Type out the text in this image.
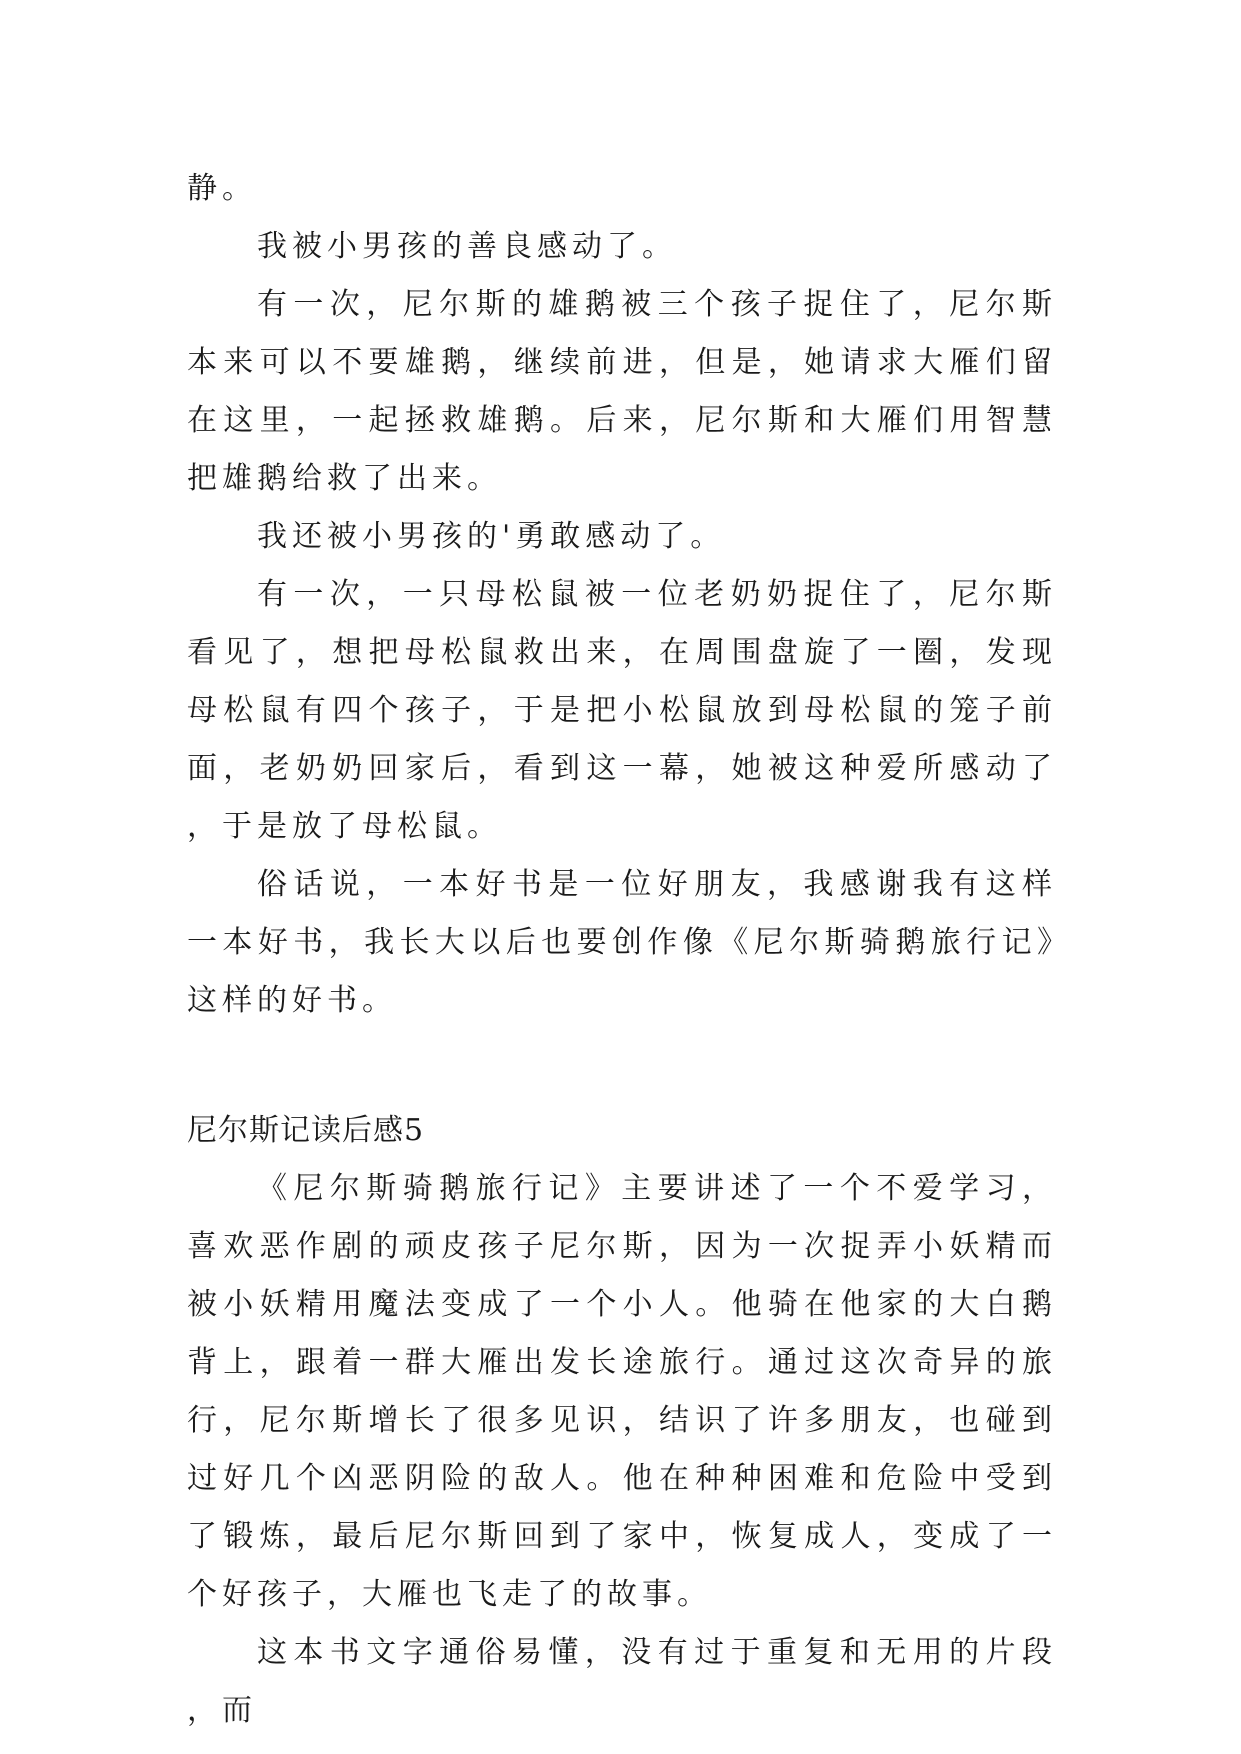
静。

我被小男孩的善良感动了。

有一次，尼尔斯的雄鹅被三个孩子捉住了，尼尔斯本来可以不要雄鹅，继续前进，但是，她请求大雁们留在这里，一起拯救雄鹅。后来，尼尔斯和大雁们用智慧把雄鹅给救了出来。

我还被小男孩的'勇敢感动了。

有一次，一只母松鼠被一位老奶奶捉住了，尼尔斯看见了，想把母松鼠救出来，在周围盘旋了一圈，发现母松鼠有四个孩子，于是把小松鼠放到母松鼠的笼子前面，老奶奶回家后，看到这一幕，她被这种爱所感动了，于是放了母松鼠。

俗话说，一本好书是一位好朋友，我感谢我有这样一本好书，我长大以后也要创作像《尼尔斯骑鹅旅行记》这样的好书。

尼尔斯记读后感5

《尼尔斯骑鹅旅行记》主要讲述了一个不爱学习，喜欢恶作剧的顽皮孩子尼尔斯，因为一次捉弄小妖精而被小妖精用魔法变成了一个小人。他骑在他家的大白鹅背上，跟着一群大雁出发长途旅行。通过这次奇异的旅行，尼尔斯增长了很多见识，结识了许多朋友，也碰到过好几个凶恶阴险的敌人。他在种种困难和危险中受到了锻炼，最后尼尔斯回到了家中，恢复成人，变成了一个好孩子，大雁也飞走了的故事。

这本书文字通俗易懂，没有过于重复和无用的片段，而
